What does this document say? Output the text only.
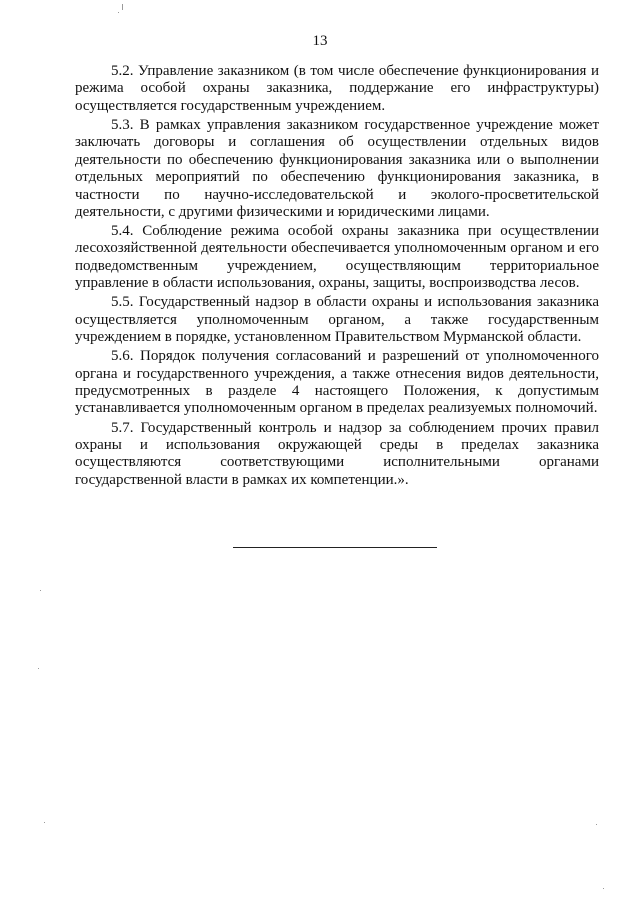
13

5.2. Управление заказником (в том числе обеспечение функционирования и режима особой охраны заказника, поддержание его инфраструктуры) осуществляется государственным учреждением.

5.3. В рамках управления заказником государственное учреждение может заключать договоры и соглашения об осуществлении отдельных видов деятельности по обеспечению функционирования заказника или о выполнении отдельных мероприятий по обеспечению функционирования заказника, в частности по научно-исследовательской и эколого-просветительской деятельности, с другими физическими и юридическими лицами.

5.4. Соблюдение режима особой охраны заказника при осуществлении лесохозяйственной деятельности обеспечивается уполномоченным органом и его подведомственным учреждением, осуществляющим территориальное управление в области использования, охраны, защиты, воспроизводства лесов.

5.5. Государственный надзор в области охраны и использования заказника осуществляется уполномоченным органом, а также государственным учреждением в порядке, установленном Правительством Мурманской области.

5.6. Порядок получения согласований и разрешений от уполномоченного органа и государственного учреждения, а также отнесения видов деятельности, предусмотренных в разделе 4 настоящего Положения, к допустимым устанавливается уполномоченным органом в пределах реализуемых полномочий.

5.7. Государственный контроль и надзор за соблюдением прочих правил охраны и использования окружающей среды в пределах заказника осуществляются соответствующими исполнительными органами государственной власти в рамках их компетенции.».
